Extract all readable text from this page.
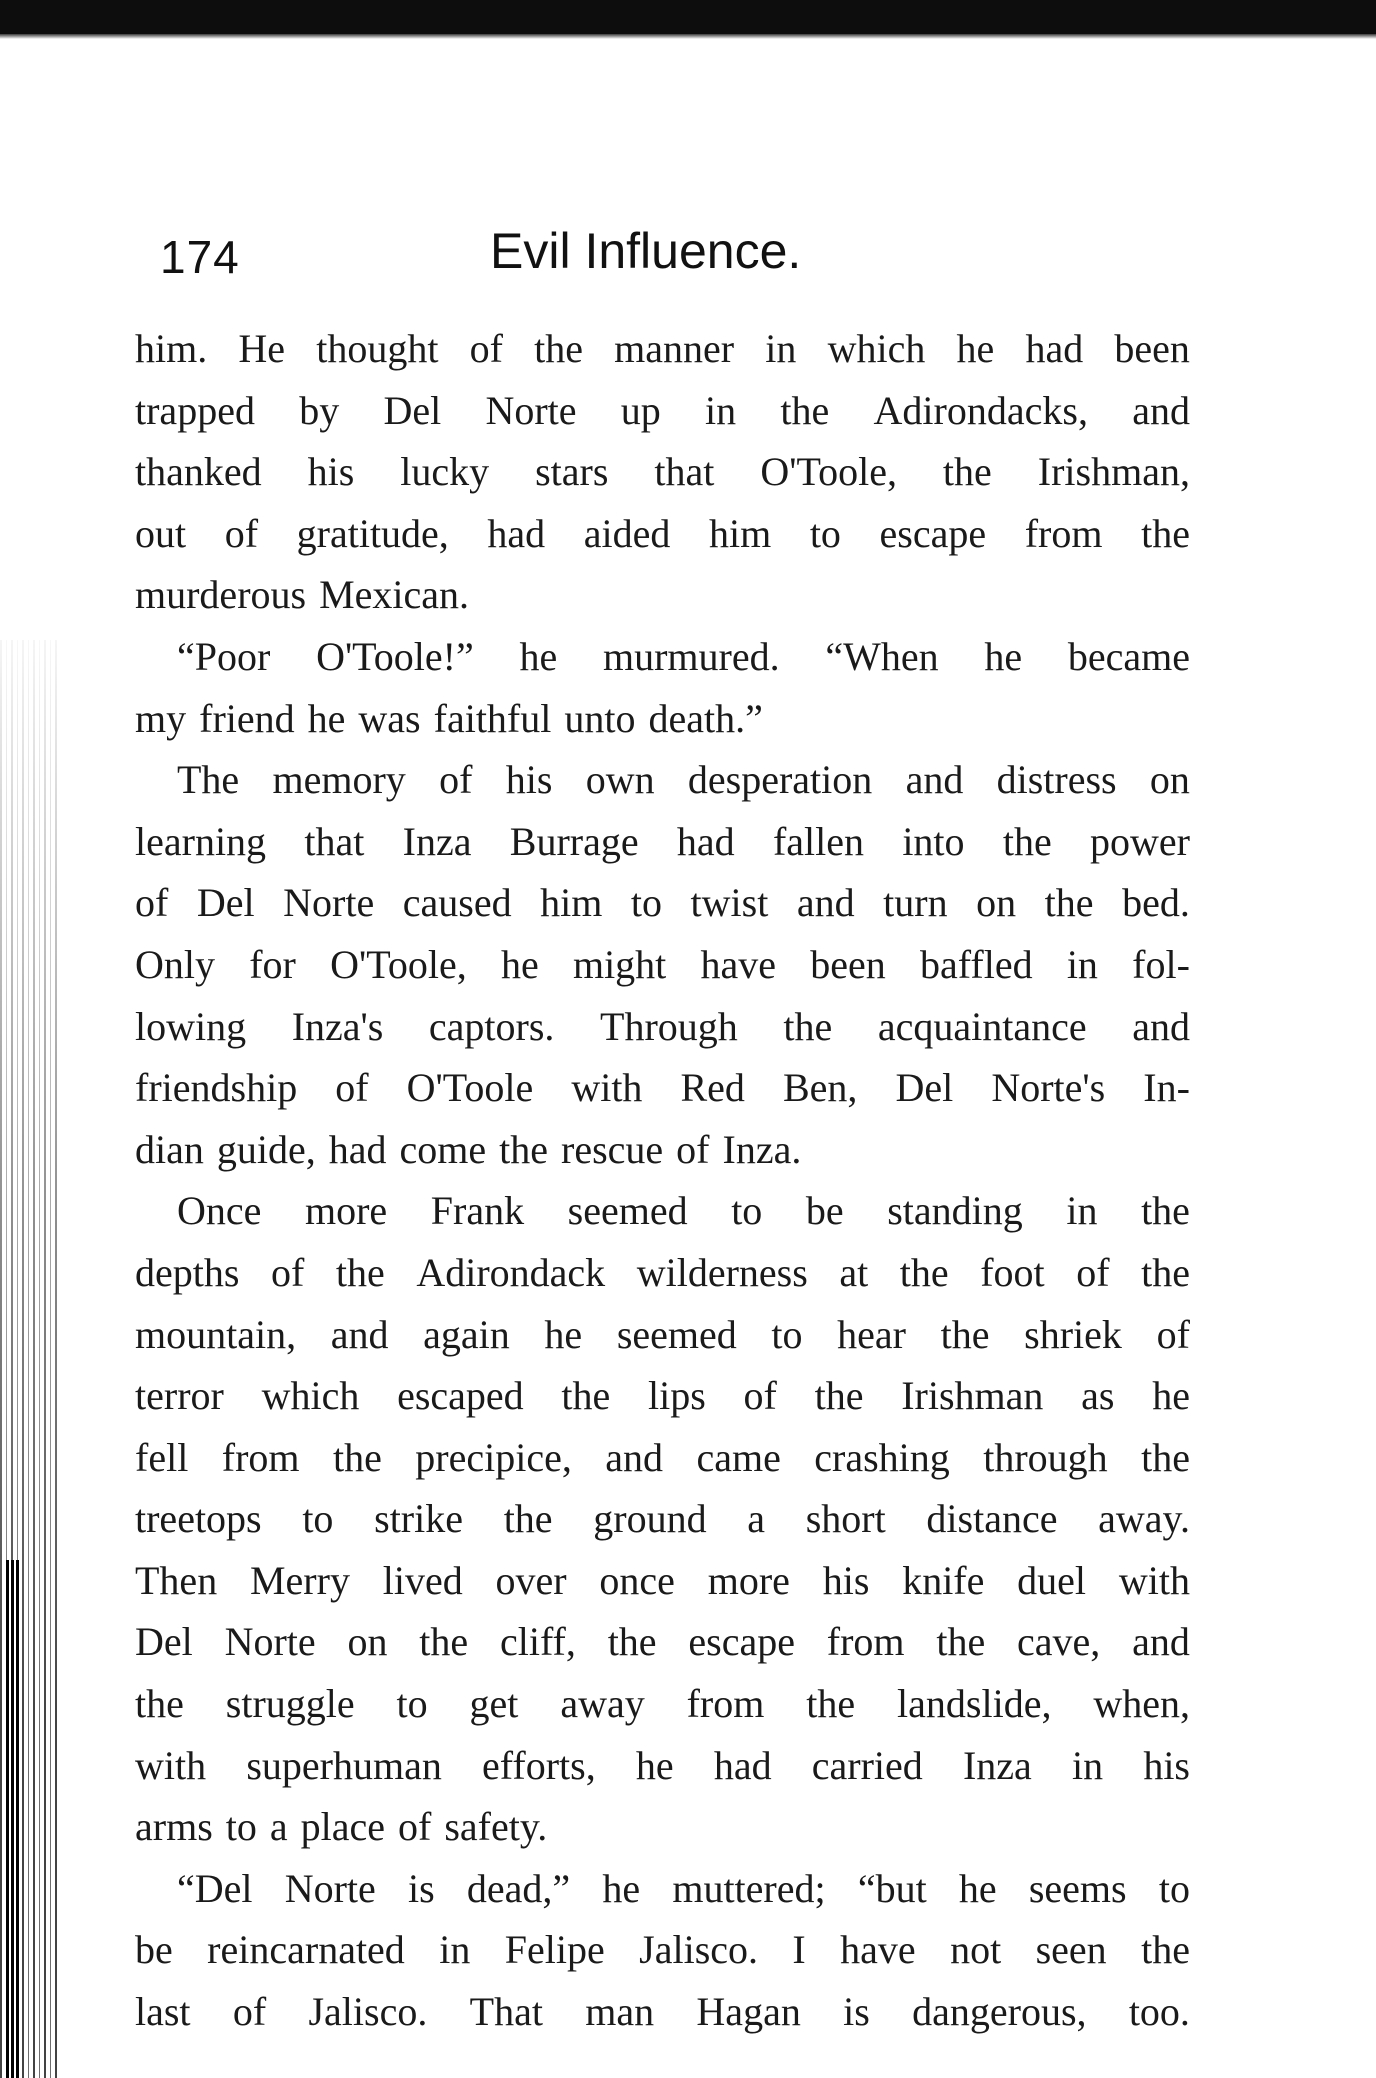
174	Evil Influence.
him. He thought of the manner in which he had been
trapped by Del Norte up in the Adirondacks, and
thanked his lucky stars that O'Toole, the Irishman,
out of gratitude, had aided him to escape from the
murderous Mexican.
“Poor O'Toole!” he murmured. “When he became
my friend he was faithful unto death.”
The memory of his own desperation and distress on
learning that Inza Burrage had fallen into the power
of Del Norte caused him to twist and turn on the bed.
Only for O'Toole, he might have been baffled in fol-
lowing Inza's captors. Through the acquaintance and
friendship of O'Toole with Red Ben, Del Norte's In-
dian guide, had come the rescue of Inza.
Once more Frank seemed to be standing in the
depths of the Adirondack wilderness at the foot of the
mountain, and again he seemed to hear the shriek of
terror which escaped the lips of the Irishman as he
fell from the precipice, and came crashing through the
treetops to strike the ground a short distance away.
Then Merry lived over once more his knife duel with
Del Norte on the cliff, the escape from the cave, and
the struggle to get away from the landslide, when,
with superhuman efforts, he had carried Inza in his
arms to a place of safety.
“Del Norte is dead,” he muttered; “but he seems to
be reincarnated in Felipe Jalisco. I have not seen the
last of Jalisco. That man Hagan is dangerous, too.
